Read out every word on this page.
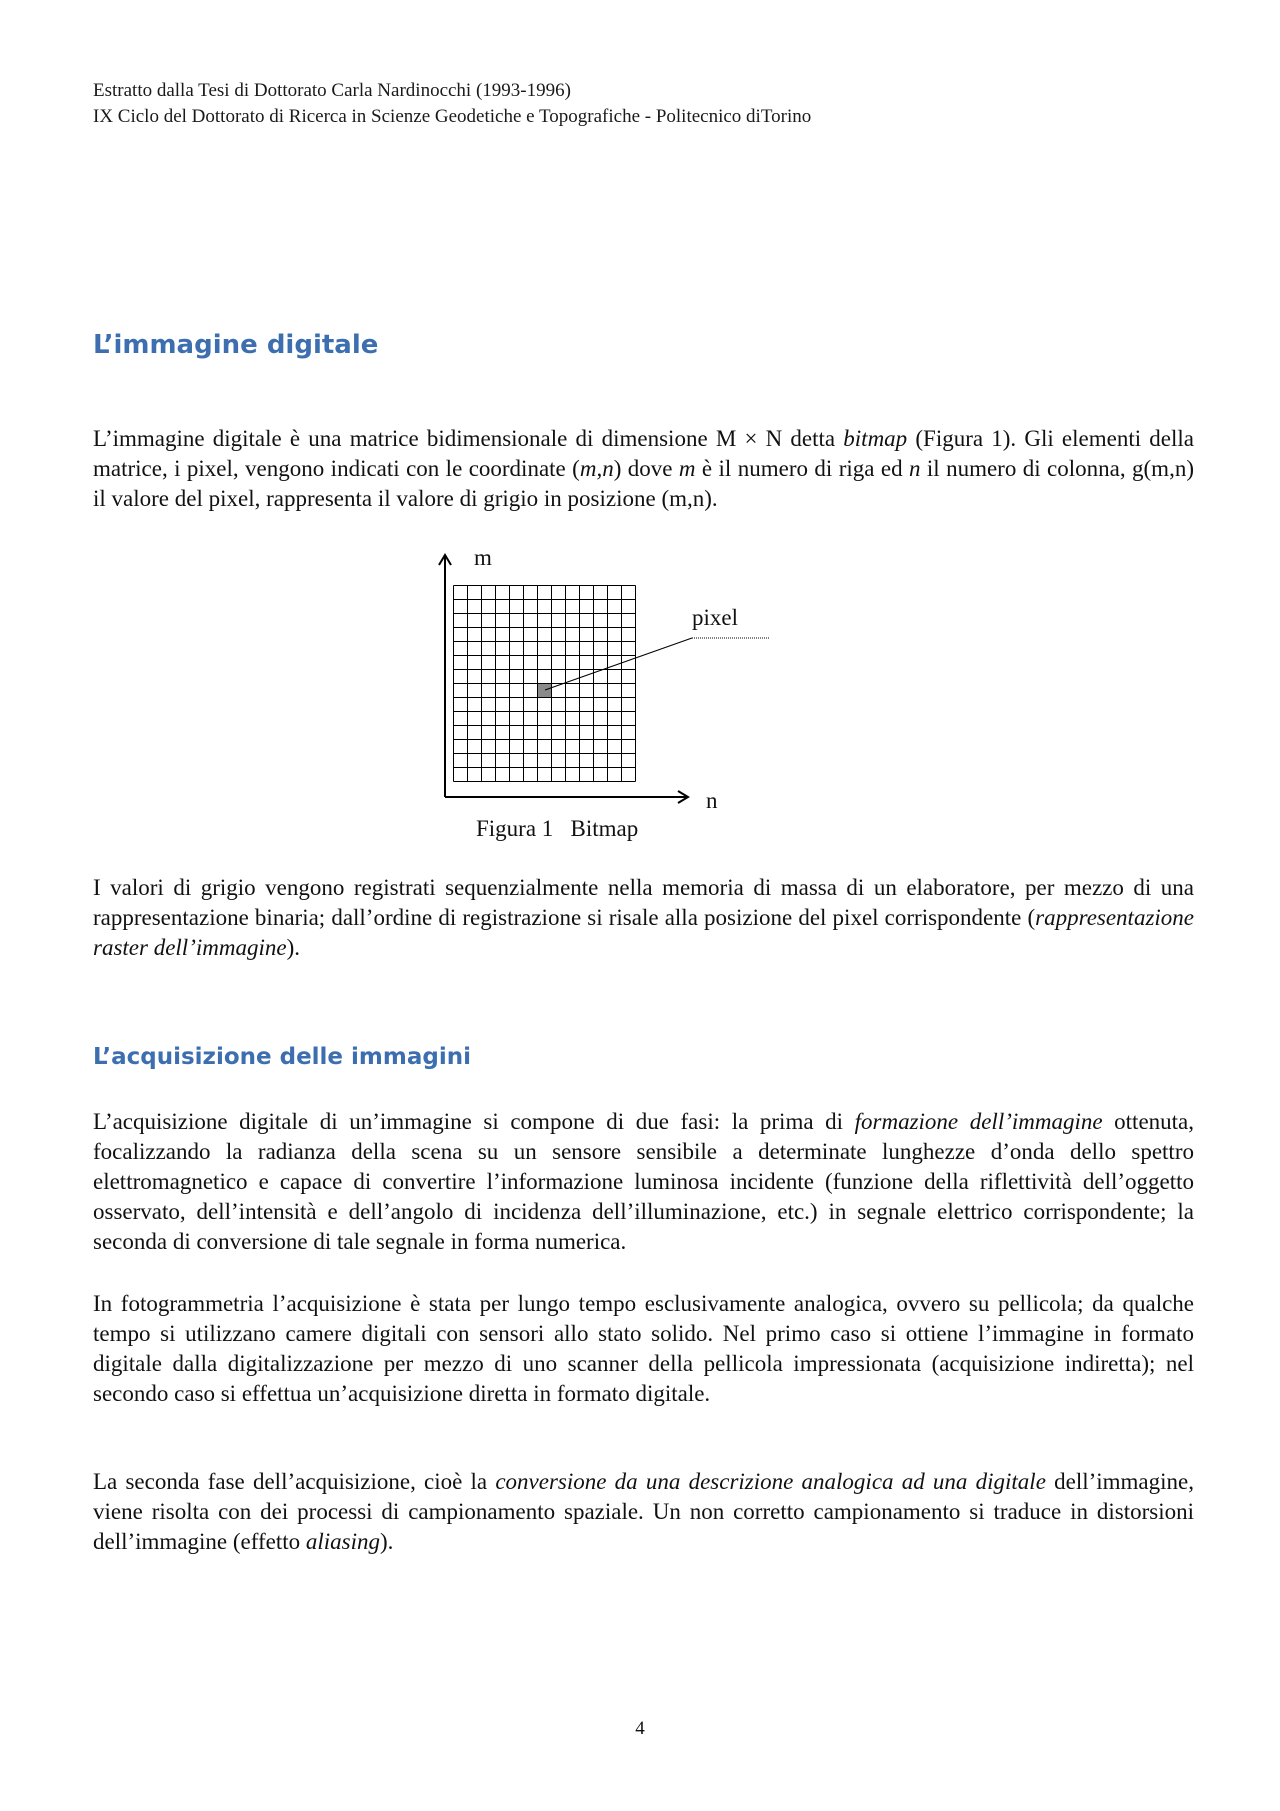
Estratto dalla Tesi di Dottorato Carla Nardinocchi (1993-1996)
IX Ciclo del Dottorato di Ricerca in Scienze Geodetiche e Topografiche - Politecnico diTorino
L’immagine digitale

L’immagine digitale è una matrice bidimensionale di dimensione M × N detta bitmap (Figura 1). Gli elementi della matrice, i pixel, vengono indicati con le coordinate (m,n) dove m è il numero di riga ed n il numero di colonna, g(m,n) il valore del pixel, rappresenta il valore di grigio in posizione (m,n).

m
pixel
n
Figura 1   Bitmap

I valori di grigio vengono registrati sequenzialmente nella memoria di massa di un elaboratore, per mezzo di una rappresentazione binaria; dall’ordine di registrazione si risale alla posizione del pixel corrispondente (rappresentazione raster dell’immagine).

L’acquisizione delle immagini

L’acquisizione digitale di un’immagine si compone di due fasi: la prima di formazione dell’immagine ottenuta, focalizzando la radianza della scena su un sensore sensibile a determinate lunghezze d’onda dello spettro elettromagnetico e capace di convertire l’informazione luminosa incidente (funzione della riflettività dell’oggetto osservato, dell’intensità e dell’angolo di incidenza dell’illuminazione, etc.) in segnale elettrico corrispondente; la seconda di conversione di tale segnale in forma numerica.

In fotogrammetria l’acquisizione è stata per lungo tempo esclusivamente analogica, ovvero su pellicola; da qualche tempo si utilizzano camere digitali con sensori allo stato solido. Nel primo caso si ottiene l’immagine in formato digitale dalla digitalizzazione per mezzo di uno scanner della pellicola impressionata (acquisizione indiretta); nel secondo caso si effettua un’acquisizione diretta in formato digitale.

La seconda fase dell’acquisizione, cioè la conversione da una descrizione analogica ad una digitale dell’immagine, viene risolta con dei processi di campionamento spaziale. Un non corretto campionamento si traduce in distorsioni dell’immagine (effetto aliasing).

4
